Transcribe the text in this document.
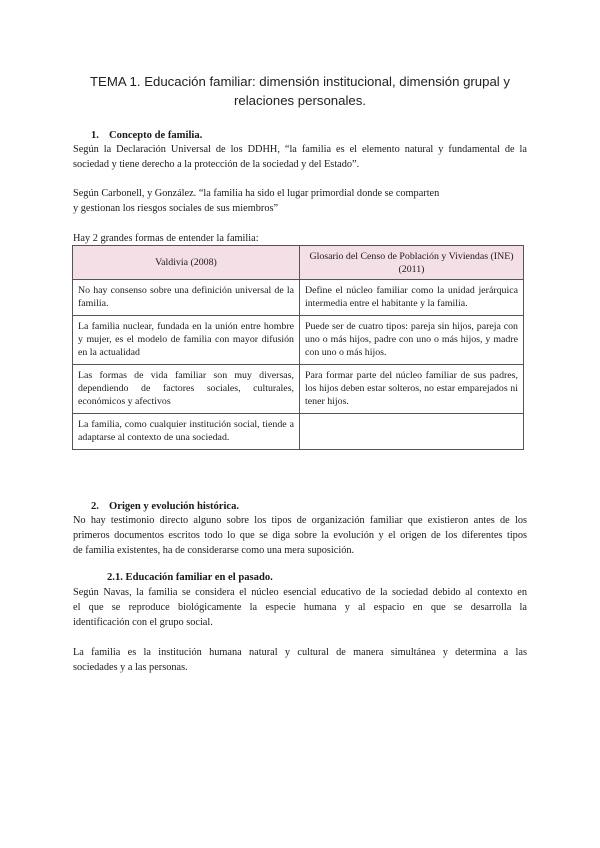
TEMA 1. Educación familiar: dimensión institucional, dimensión grupal y
relaciones personales.
1. Concepto de familia.
Según la Declaración Universal de los DDHH, “la familia es el elemento natural y fundamental de la
sociedad y tiene derecho a la protección de la sociedad y del Estado”.
Según Carbonell, y González. “la familia ha sido el lugar primordial donde se comparten
y gestionan los riesgos sociales de sus miembros”
Hay 2 grandes formas de entender la familia:
Valdivia (2008)	Glosario del Censo de Población y Viviendas (INE) (2011)
No hay consenso sobre una definición universal de la familia.	Define el núcleo familiar como la unidad jerárquica intermedia entre el habitante y la familia.
La familia nuclear, fundada en la unión entre hombre y mujer, es el modelo de familia con mayor difusión en la actualidad	Puede ser de cuatro tipos: pareja sin hijos, pareja con uno o más hijos, padre con uno o más hijos, y madre con uno o más hijos.
Las formas de vida familiar son muy diversas, dependiendo de factores sociales, culturales, económicos y afectivos	Para formar parte del núcleo familiar de sus padres, los hijos deben estar solteros, no estar emparejados ni tener hijos.
La familia, como cualquier institución social, tiende a adaptarse al contexto de una sociedad.	
2. Origen y evolución histórica.
No hay testimonio directo alguno sobre los tipos de organización familiar que existieron antes de los
primeros documentos escritos todo lo que se diga sobre la evolución y el origen de los diferentes tipos
de familia existentes, ha de considerarse como una mera suposición.
2.1. Educación familiar en el pasado.
Según Navas, la familia se considera el núcleo esencial educativo de la sociedad debido al contexto en
el que se reproduce biológicamente la especie humana y al espacio en que se desarrolla la
identificación con el grupo social.
La familia es la institución humana natural y cultural de manera simultánea y determina a las
sociedades y a las personas.
